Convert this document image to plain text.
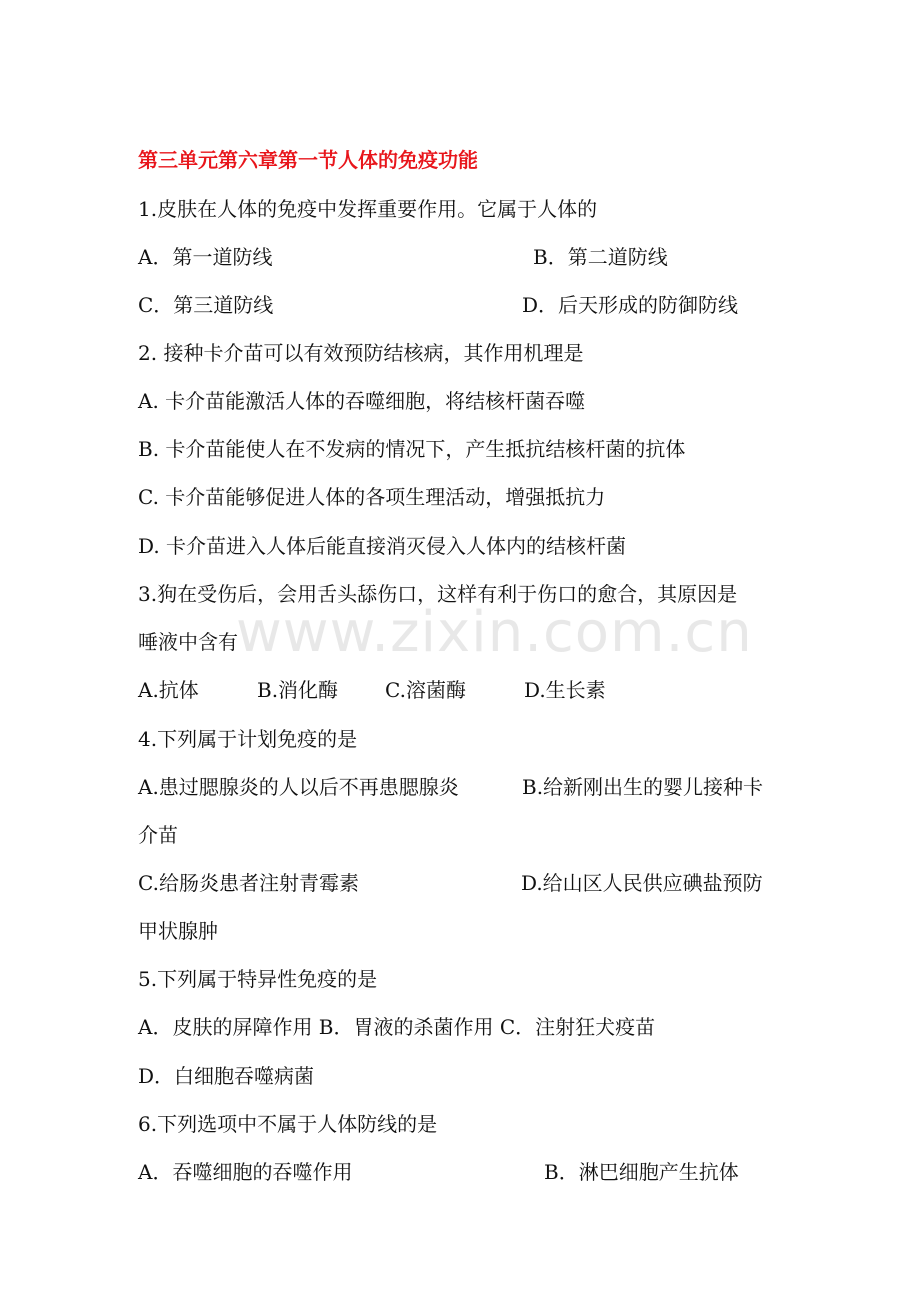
www.zixin.com.cn
第三单元第六章第一节人体的免疫功能
1.皮肤在人体的免疫中发挥重要作用。它属于人体的
A．第一道防线	B．第二道防线
C．第三道防线	D．后天形成的防御防线
2. 接种卡介苗可以有效预防结核病，其作用机理是
A. 卡介苗能激活人体的吞噬细胞，将结核杆菌吞噬
B. 卡介苗能使人在不发病的情况下，产生抵抗结核杆菌的抗体
C. 卡介苗能够促进人体的各项生理活动，增强抵抗力
D. 卡介苗进入人体后能直接消灭侵入人体内的结核杆菌
3.狗在受伤后，会用舌头舔伤口，这样有利于伤口的愈合，其原因是
唾液中含有
A.抗体	B.消化酶 C.溶菌酶	D.生长素
4.下列属于计划免疫的是
A.患过腮腺炎的人以后不再患腮腺炎	B.给新刚出生的婴儿接种卡
介苗
C.给肠炎患者注射青霉素	D.给山区人民供应碘盐预防
甲状腺肿
5.下列属于特异性免疫的是
A．皮肤的屏障作用 B．胃液的杀菌作用 C．注射狂犬疫苗
D．白细胞吞噬病菌
6.下列选项中不属于人体防线的是
A．吞噬细胞的吞噬作用	B．淋巴细胞产生抗体
